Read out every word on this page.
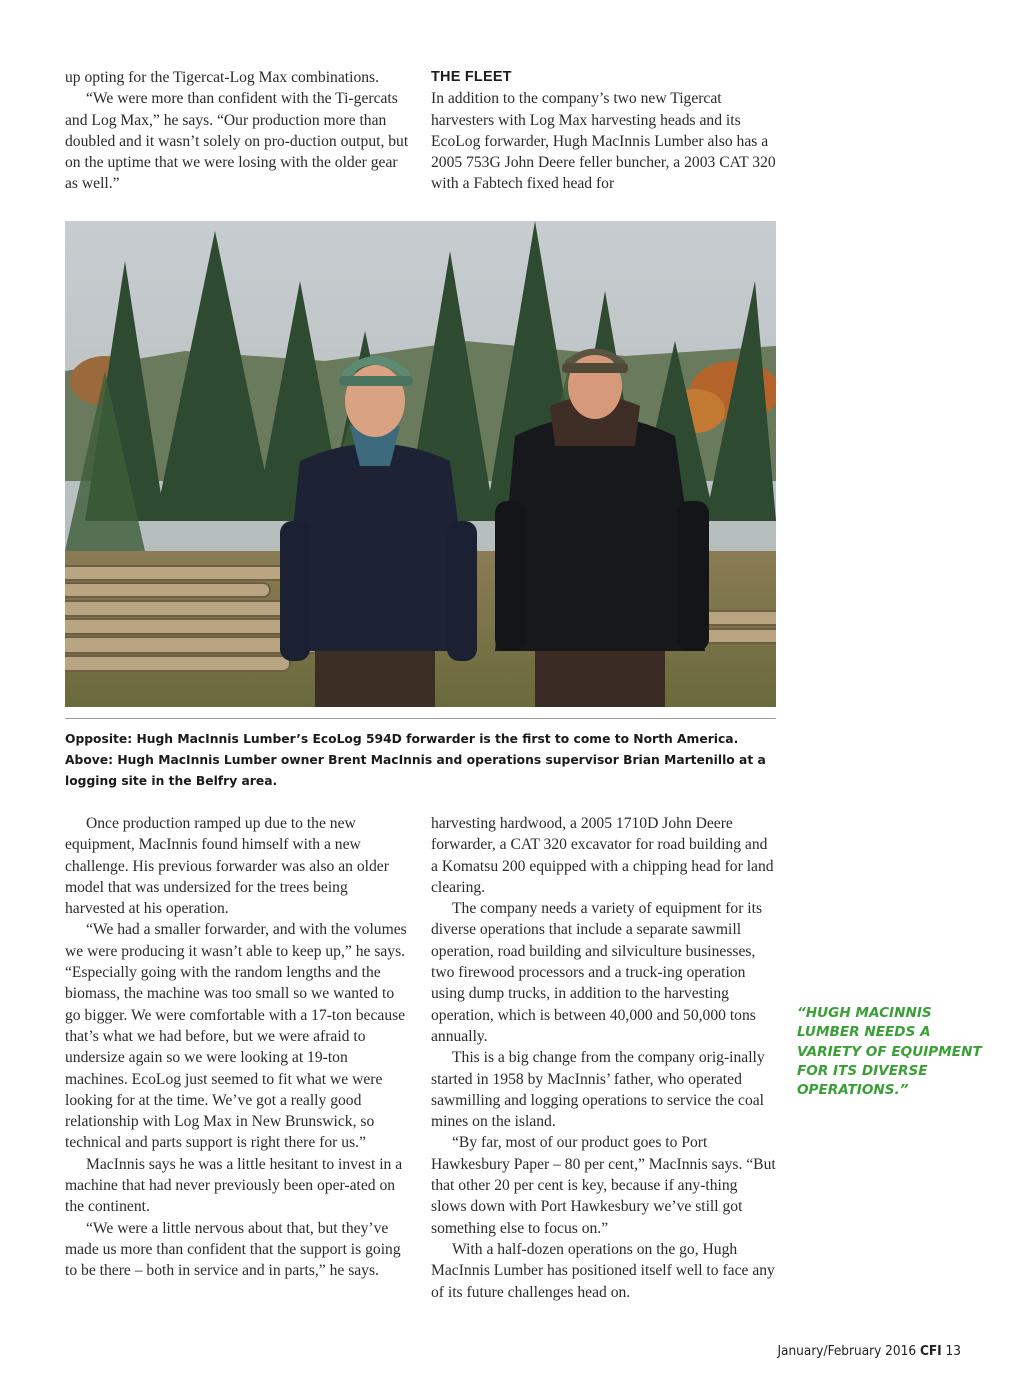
up opting for the Tigercat-Log Max combinations.

“We were more than confident with the Ti-gercats and Log Max,” he says. “Our production more than doubled and it wasn’t solely on pro-duction output, but on the uptime that we were losing with the older gear as well.”

THE FLEET

In addition to the company’s two new Tigercat harvesters with Log Max harvesting heads and its EcoLog forwarder, Hugh MacInnis Lumber also has a 2005 753G John Deere feller buncher, a 2003 CAT 320 with a Fabtech fixed head for

Opposite: Hugh MacInnis Lumber’s EcoLog 594D forwarder is the first to come to North America.

Above: Hugh MacInnis Lumber owner Brent MacInnis and operations supervisor Brian Martenillo at a logging site in the Belfry area.

Once production ramped up due to the new equipment, MacInnis found himself with a new challenge. His previous forwarder was also an older model that was undersized for the trees being harvested at his operation.

“We had a smaller forwarder, and with the volumes we were producing it wasn’t able to keep up,” he says. “Especially going with the random lengths and the biomass, the machine was too small so we wanted to go bigger. We were comfortable with a 17-ton because that’s what we had before, but we were afraid to undersize again so we were looking at 19-ton machines. EcoLog just seemed to fit what we were looking for at the time. We’ve got a really good relationship with Log Max in New Brunswick, so technical and parts support is right there for us.”

MacInnis says he was a little hesitant to invest in a machine that had never previously been oper-ated on the continent.

“We were a little nervous about that, but they’ve made us more than confident that the support is going to be there – both in service and in parts,” he says.

harvesting hardwood, a 2005 1710D John Deere forwarder, a CAT 320 excavator for road building and a Komatsu 200 equipped with a chipping head for land clearing.

The company needs a variety of equipment for its diverse operations that include a separate sawmill operation, road building and silviculture businesses, two firewood processors and a truck-ing operation using dump trucks, in addition to the harvesting operation, which is between 40,000 and 50,000 tons annually.

This is a big change from the company orig-inally started in 1958 by MacInnis’ father, who operated sawmilling and logging operations to service the coal mines on the island.

“By far, most of our product goes to Port Hawkesbury Paper – 80 per cent,” MacInnis says. “But that other 20 per cent is key, because if any-thing slows down with Port Hawkesbury we’ve still got something else to focus on.”

With a half-dozen operations on the go, Hugh MacInnis Lumber has positioned itself well to face any of its future challenges head on.

“HUGH MACINNIS LUMBER NEEDS A VARIETY OF EQUIPMENT FOR ITS DIVERSE OPERATIONS.”
January/February 2016 CFI 13
